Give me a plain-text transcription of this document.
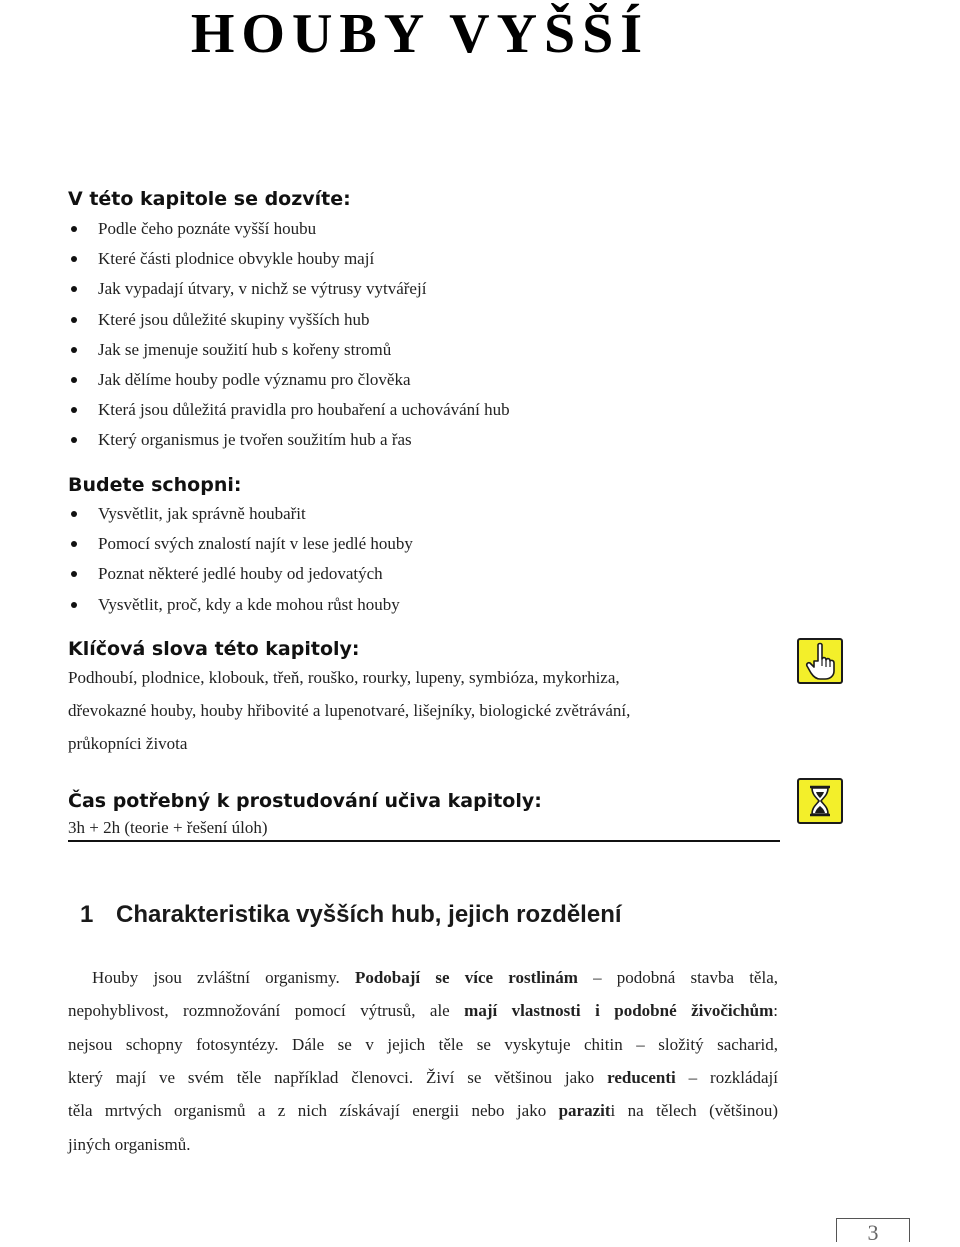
HOUBY VYŠŠÍ
V této kapitole se dozvíte:
Podle čeho poznáte vyšší houbu
Které části plodnice obvykle houby mají
Jak vypadají útvary, v nichž se výtrusy vytvářejí
Které jsou důležité skupiny vyšších hub
Jak se jmenuje soužití hub s kořeny stromů
Jak dělíme houby podle významu pro člověka
Která jsou důležitá pravidla pro houbaření a uchovávání hub
Který organismus je tvořen soužitím hub a řas
Budete schopni:
Vysvětlit, jak správně houbařit
Pomocí svých znalostí najít v lese jedlé houby
Poznat některé jedlé houby od jedovatých
Vysvětlit, proč, kdy a kde mohou růst houby
Klíčová slova této kapitoly:
Podhoubí, plodnice, klobouk, třeň, rouško, rourky, lupeny, symbióza, mykorhiza,
dřevokazné houby, houby hřibovité a lupenotvaré, lišejníky, biologické zvětrávání,
průkopníci života
Čas potřebný k prostudování učiva kapitoly:
3h + 2h (teorie + řešení úloh)
1 Charakteristika vyšších hub, jejich rozdělení
Houby jsou zvláštní organismy. Podobají se více rostlinám – podobná stavba těla,
nepohyblivost, rozmnožování pomocí výtrusů, ale mají vlastnosti i podobné živočichům:
nejsou schopny fotosyntézy. Dále se v jejich těle se vyskytuje chitin – složitý sacharid,
který mají ve svém těle například členovci. Živí se většinou jako reducenti – rozkládají
těla mrtvých organismů a z nich získávají energii nebo jako paraziti na tělech (většinou)
jiných organismů.
3
